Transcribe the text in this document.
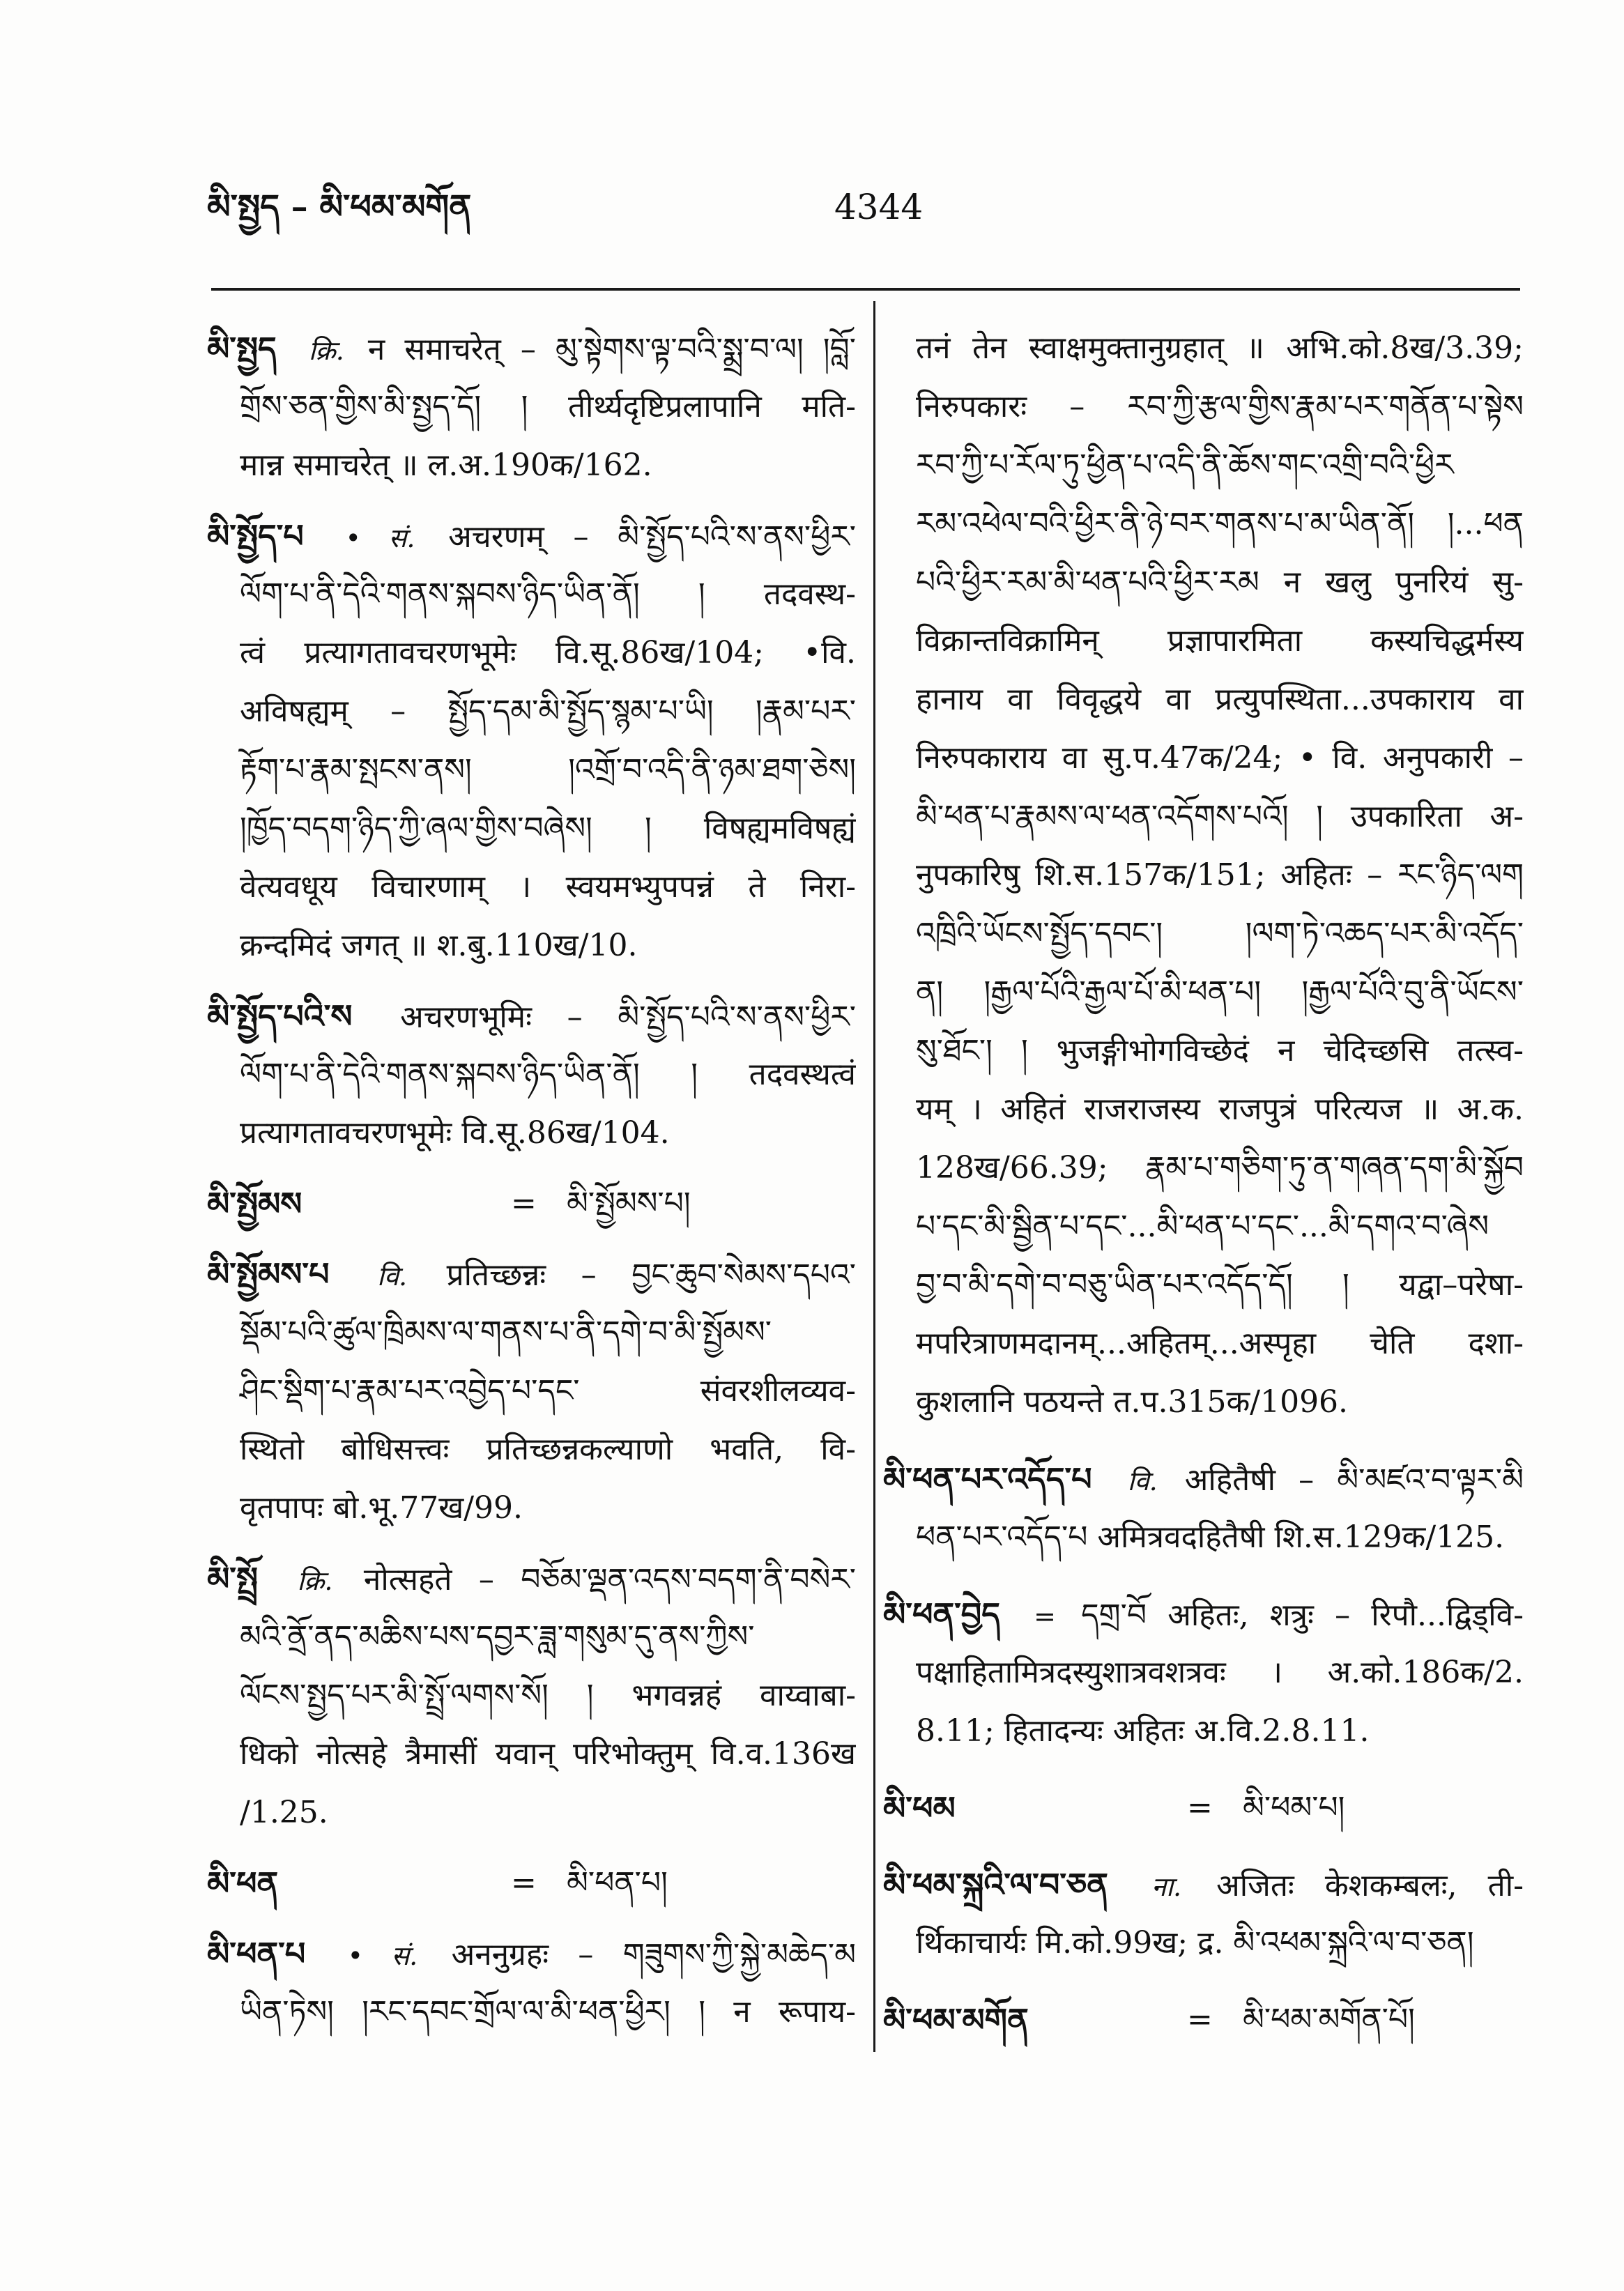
མི་སྤྱད – མི་ཕམ་མགོན	4344
མི་སྤྱད क्रि. न समाचरेत् – མུ་སྟེགས་ལྟ་བའི་སྨྲ་བ་ལ། །བློ་
གྲོས་ཅན་གྱིས་མི་སྤྱད་དོ། ། तीर्थ्यदृष्टिप्रलापानि मति-
मान्न समाचरेत् ॥ ल.अ.190क/162.
མི་སྤྱོད་པ • सं. अचरणम् – མི་སྤྱོད་པའི་ས་ནས་ཕྱིར་
ལོག་པ་ནི་དེའི་གནས་སྐབས་ཉིད་ཡིན་ནོ། ། तदवस्थ-
त्वं प्रत्यागतावचरणभूमेः वि.सू.86ख/104; •वि.
अविषह्यम् – སྤྱོད་དམ་མི་སྤྱོད་སྙམ་པ་ཡི། །རྣམ་པར་
རྟོག་པ་རྣམ་སྤངས་ནས། །འགྲོ་བ་འདི་ནི་ཉམ་ཐག་ཅེས།
།ཁྱོད་བདག་ཉིད་ཀྱི་ཞལ་གྱིས་བཞེས། ། विषह्यमविषह्यं
वेत्यवधूय विचारणाम् । स्वयमभ्युपपन्नं ते निरा-
क्रन्दमिदं जगत् ॥ श.बु.110ख/10.
མི་སྤྱོད་པའི་ས अचरणभूमिः – མི་སྤྱོད་པའི་ས་ནས་ཕྱིར་
ལོག་པ་ནི་དེའི་གནས་སྐབས་ཉིད་ཡིན་ནོ། ། तदवस्थत्वं
प्रत्यागतावचरणभूमेः वि.सू.86ख/104.
མི་སྤྱོམས	= མི་སྤྱོམས་པ།
མི་སྤྱོམས་པ वि. प्रतिच्छन्नः – བྱང་ཆུབ་སེམས་དཔའ་
སྡོམ་པའི་ཚུལ་ཁྲིམས་ལ་གནས་པ་ནི་དགེ་བ་མི་སྤྱོམས་
ཤིང་སྡིག་པ་རྣམ་པར་འབྱེད་པ་དང་ संवरशीलव्यव-
स्थितो बोधिसत्त्वः प्रतिच्छन्नकल्याणो भवति, वि-
वृतपापः बो.भू.77ख/99.
མི་སྤྲོ क्रि. नोत्सहते – བཅོམ་ལྡན་འདས་བདག་ནི་བསེར་
མའི་ནྲོ་ནད་མཆིས་པས་དབྱར་ཟླ་གསུམ་དུ་ནས་ཀྱིས་
ལོངས་སྤྱད་པར་མི་སྤྲོ་ལགས་སོ། ། भगवन्नहं वाय्वाबा-
धिको नोत्सहे त्रैमासीं यवान् परिभोक्तुम् वि.व.136ख
/1.25.
མི་ཕན	= མི་ཕན་པ།
མི་ཕན་པ • सं. अननुग्रहः – གཟུགས་ཀྱི་སྐྱེ་མཆེད་མ
ཡིན་ཏེས། །རང་དབང་གྲོལ་ལ་མི་ཕན་ཕྱིར། ། न रूपाय-
तनं तेन स्वाक्षमुक्तानुग्रहात् ॥ अभि.को.8ख/3.39;
निरुपकारः – རབ་ཀྱི་རྩལ་གྱིས་རྣམ་པར་གནོན་པ་སྟེས
རབ་ཀྱི་པ་རོལ་ཏུ་ཕྱིན་པ་འདི་ནི་ཆོས་གང་འགྲི་བའི་ཕྱིར
རམ་འཕེལ་བའི་ཕྱིར་ནི་ཉེ་བར་གནས་པ་མ་ཡིན་ནོ། །...ཕན
པའི་ཕྱིར་རམ་མི་ཕན་པའི་ཕྱིར་རམ न खलु पुनरियं सु-
विक्रान्तविक्रामिन् प्रज्ञापारमिता कस्यचिद्धर्मस्य
हानाय वा विवृद्धये वा प्रत्युपस्थिता...उपकाराय वा
निरुपकाराय वा सु.प.47क/24; • वि. अनुपकारी –
མི་ཕན་པ་རྣམས་ལ་ཕན་འདོགས་པའོ། ། उपकारिता अ-
नुपकारिषु शि.स.157क/151; अहितः – རང་ཉིད་ལག
འཁྲིའི་ཡོངས་སྤྱོད་དབང་། །ལག་ཏེ་འཆད་པར་མི་འདོད་
ན། །རྒྱལ་པོའི་རྒྱལ་པོ་མི་ཕན་པ། །རྒྱལ་པོའི་བུ་ནི་ཡོངས་
སུ་ཐོང་། ། भुजङ्गीभोगविच्छेदं न चेदिच्छसि तत्स्व-
यम् । अहितं राजराजस्य राजपुत्रं परित्यज ॥ अ.क.
128ख/66.39; རྣམ་པ་གཅིག་ཏུ་ན་གཞན་དག་མི་སྐྱོབ
པ་དང་མི་སྦྱིན་པ་དང་...མི་ཕན་པ་དང་...མི་དགའ་བ་ཞེས
བྱ་བ་མི་དགེ་བ་བཅུ་ཡིན་པར་འདོད་དོ། ། यद्वा–परेषा-
मपरित्राणमदानम्...अहितम्...अस्पृहा चेति दशा-
कुशलानि पठयन्ते त.प.315क/1096.
མི་ཕན་པར་འདོད་པ वि. अहितैषी – མི་མཛའ་བ་ལྟར་མི
ཕན་པར་འདོད་པ अमित्रवदहितैषी शि.स.129क/125.
མི་ཕན་བྱེད = དགྲ་བོ अहितः, शत्रुः – रिपौ...द्विड्वि-
पक्षाहितामित्रदस्युशात्रवशत्रवः । अ.को.186क/2.
8.11; हितादन्यः अहितः अ.वि.2.8.11.
མི་ཕམ	= མི་ཕམ་པ།
མི་ཕམ་སྐྲའི་ལ་བ་ཅན ना. अजितः केशकम्बलः, ती-
र्थिकाचार्यः मि.को.99ख; द्र. མི་འཕམ་སྐྲའི་ལ་བ་ཅན།
མི་ཕམ་མགོན	= མི་ཕམ་མགོན་པོ།
